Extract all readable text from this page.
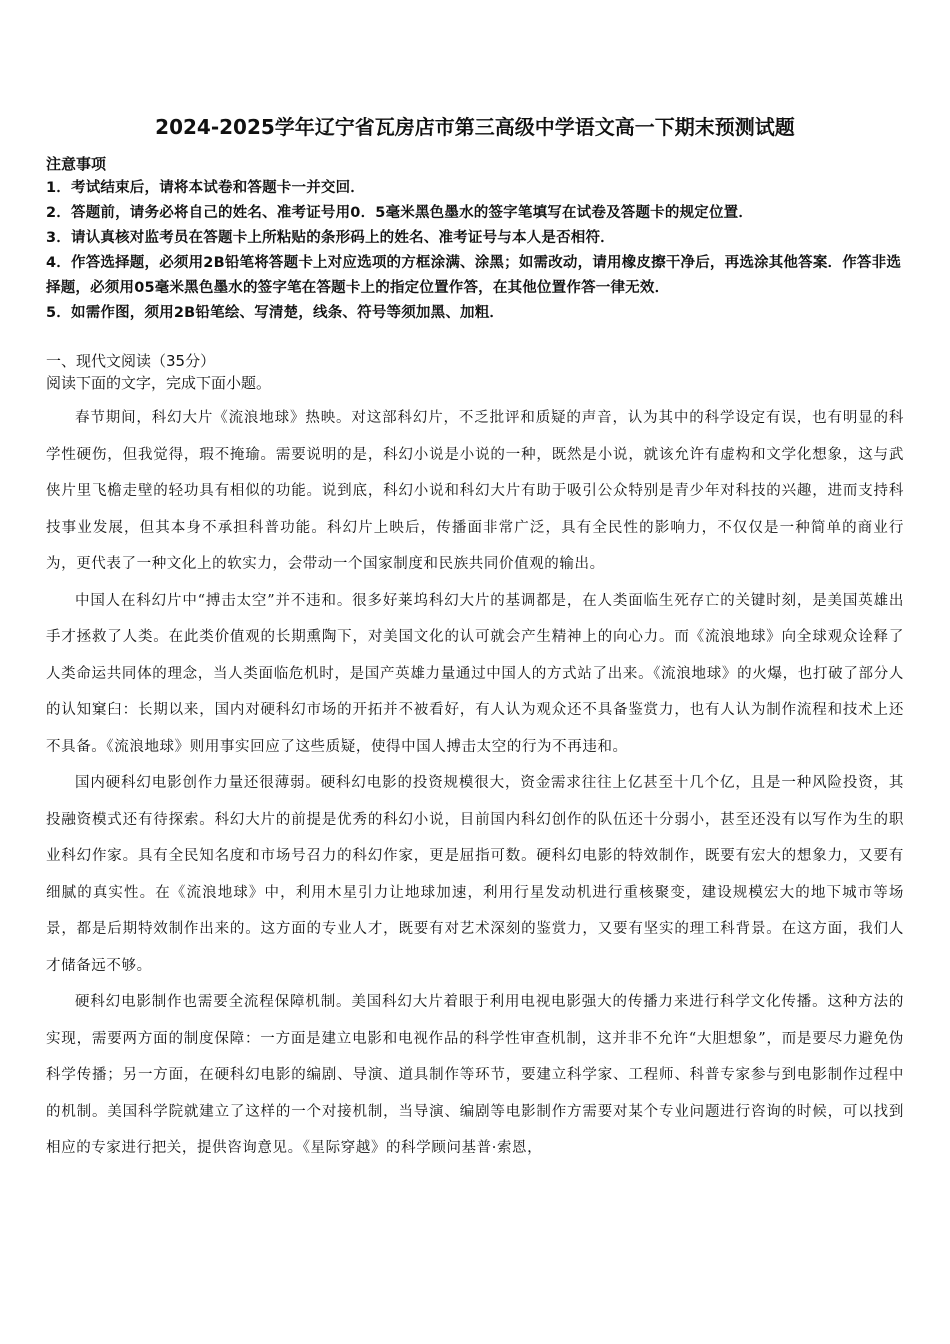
2024-2025学年辽宁省瓦房店市第三高级中学语文高一下期末预测试题
注意事项
1．考试结束后，请将本试卷和答题卡一并交回．
2．答题前，请务必将自己的姓名、准考证号用0．5毫米黑色墨水的签字笔填写在试卷及答题卡的规定位置．
3．请认真核对监考员在答题卡上所粘贴的条形码上的姓名、准考证号与本人是否相符．
4．作答选择题，必须用2B铅笔将答题卡上对应选项的方框涂满、涂黑；如需改动，请用橡皮擦干净后，再选涂其他答案．作答非选择题，必须用05毫米黑色墨水的签字笔在答题卡上的指定位置作答，在其他位置作答一律无效．
5．如需作图，须用2B铅笔绘、写清楚，线条、符号等须加黑、加粗．
一、现代文阅读（35分）
阅读下面的文字，完成下面小题。

春节期间，科幻大片《流浪地球》热映。对这部科幻片，不乏批评和质疑的声音，认为其中的科学设定有误，也有明显的科学性硬伤，但我觉得，瑕不掩瑜。需要说明的是，科幻小说是小说的一种，既然是小说，就该允许有虚构和文学化想象，这与武侠片里飞檐走壁的轻功具有相似的功能。说到底，科幻小说和科幻大片有助于吸引公众特别是青少年对科技的兴趣，进而支持科技事业发展，但其本身不承担科普功能。科幻片上映后，传播面非常广泛，具有全民性的影响力，不仅仅是一种简单的商业行为，更代表了一种文化上的软实力，会带动一个国家制度和民族共同价值观的输出。

中国人在科幻片中“搏击太空”并不违和。很多好莱坞科幻大片的基调都是，在人类面临生死存亡的关键时刻，是美国英雄出手才拯救了人类。在此类价值观的长期熏陶下，对美国文化的认可就会产生精神上的向心力。而《流浪地球》向全球观众诠释了人类命运共同体的理念，当人类面临危机时，是国产英雄力量通过中国人的方式站了出来。《流浪地球》的火爆，也打破了部分人的认知窠臼：长期以来，国内对硬科幻市场的开拓并不被看好，有人认为观众还不具备鉴赏力，也有人认为制作流程和技术上还不具备。《流浪地球》则用事实回应了这些质疑，使得中国人搏击太空的行为不再违和。

国内硬科幻电影创作力量还很薄弱。硬科幻电影的投资规模很大，资金需求往往上亿甚至十几个亿，且是一种风险投资，其投融资模式还有待探索。科幻大片的前提是优秀的科幻小说，目前国内科幻创作的队伍还十分弱小，甚至还没有以写作为生的职业科幻作家。具有全民知名度和市场号召力的科幻作家，更是屈指可数。硬科幻电影的特效制作，既要有宏大的想象力，又要有细腻的真实性。在《流浪地球》中，利用木星引力让地球加速，利用行星发动机进行重核聚变，建设规模宏大的地下城市等场景，都是后期特效制作出来的。这方面的专业人才，既要有对艺术深刻的鉴赏力，又要有坚实的理工科背景。在这方面，我们人才储备远不够。

硬科幻电影制作也需要全流程保障机制。美国科幻大片着眼于利用电视电影强大的传播力来进行科学文化传播。这种方法的实现，需要两方面的制度保障：一方面是建立电影和电视作品的科学性审查机制，这并非不允许“大胆想象”，而是要尽力避免伪科学传播；另一方面，在硬科幻电影的编剧、导演、道具制作等环节，要建立科学家、工程师、科普专家参与到电影制作过程中的机制。美国科学院就建立了这样的一个对接机制，当导演、编剧等电影制作方需要对某个专业问题进行咨询的时候，可以找到相应的专家进行把关，提供咨询意见。《星际穿越》的科学顾问基普·索恩，
